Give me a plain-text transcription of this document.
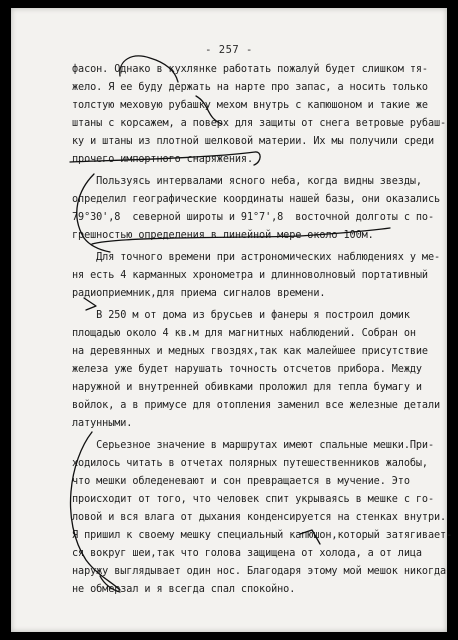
- 257 -
фасон. Однако в кухлянке работать пожалуй будет слишком тя-
жело. Я ее буду держать на нарте про запас, а носить только
толстую меховую рубашку мехом внутрь с капюшоном и такие же
штаны с корсажем, а поверх для защиты от снега ветровые рубаш-
ку и штаны из плотной шелковой материи. Их мы получили среди
прочего импортного снаряжения.
Пользуясь интервалами ясного неба, когда видны звезды,
определил географические координаты нашей базы, они оказались
79°30',8  северной широты и 91°7',8  восточной долготы с по-
грешностью определения в линейной мере около 100м.
Для точного времени при астрономических наблюдениях у ме-
ня есть 4 карманных хронометра и длинноволновый портативный
радиоприемник,для приема сигналов времени.
В 250 м от дома из брусьев и фанеры я построил домик
площадью около 4 кв.м для магнитных наблюдений. Собран он
на деревянных и медных гвоздях,так как малейшее присутствие
железа уже будет нарушать точность отсчетов прибора. Между
наружной и внутренней обивками проложил для тепла бумагу и
войлок, а в примусе для отопления заменил все железные детали
латунными.
Серьезное значение в маршрутах имеют спальные мешки.При-
ходилось читать в отчетах полярных путешественников жалобы,
что мешки обледеневают и сон превращается в мучение. Это
происходит от того, что человек спит укрываясь в мешке с го-
ловой и вся влага от дыхания конденсируется на стенках внутри.
Я пришил к своему мешку специальный капюшон,который затягивает-
ся вокруг шеи,так что голова защищена от холода, а от лица
наружу выглядывает один нос. Благодаря этому мой мешок никогда
не обмерзал и я всегда спал спокойно.
